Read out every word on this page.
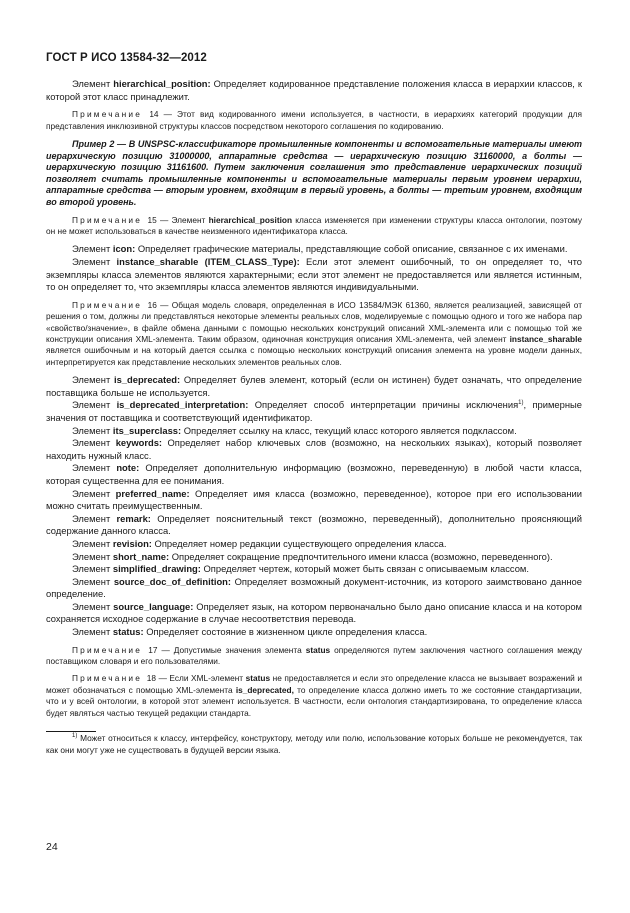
ГОСТ Р ИСО 13584-32—2012

Элемент hierarchical_position: Определяет кодированное представление положения класса в иерархии классов, к которой этот класс принадлежит.

Примечание 14 — Этот вид кодированного имени используется, в частности, в иерархиях категорий продукции для представления инклюзивной структуры классов посредством некоторого соглашения по кодированию.

Пример 2 — В UNSPSC-классификаторе промышленные компоненты и вспомогательные материалы имеют иерархическую позицию 31000000, аппаратные средства — иерархическую позицию 31160000, а болты — иерархическую позицию 31161600. Путем заключения соглашения это представление иерархических позиций позволяет считать промышленные компоненты и вспомогательные материалы первым уровнем иерархии, аппаратные средства — вторым уровнем, входящим в первый уровень, а болты — третьим уровнем, входящим во второй уровень.

Примечание 15 — Элемент hierarchical_position класса изменяется при изменении структуры класса онтологии, поэтому он не может использоваться в качестве неизменного идентификатора класса.

Элемент icon: Определяет графические материалы, представляющие собой описание, связанное с их именами.

Элемент instance_sharable (ITEM_CLASS_Type): Если этот элемент ошибочный, то он определяет то, что экземпляры класса элементов являются характерными; если этот элемент не предоставляется или является истинным, то он определяет то, что экземпляры класса элементов являются индивидуальными.

Примечание 16 — Общая модель словаря, определенная в ИСО 13584/МЭК 61360, является реализацией, зависящей от решения о том, должны ли представляться некоторые элементы реальных слов, моделируемые с помощью одного и того же набора пар «свойство/значение», в файле обмена данными с помощью нескольких конструкций описаний XML-элемента или с помощью той же конструкции описания XML-элемента. Таким образом, одиночная конструкция описания XML-элемента, чей элемент instance_sharable является ошибочным и на который дается ссылка с помощью нескольких конструкций описания элемента на уровне модели данных, интерпретируется как представление нескольких элементов реальных слов.

Элемент is_deprecated: Определяет булев элемент, который (если он истинен) будет означать, что определение поставщика больше не используется.

Элемент is_deprecated_interpretation: Определяет способ интерпретации причины исключения$^{1)}$, примерные значения от поставщика и соответствующий идентификатор.

Элемент its_superclass: Определяет ссылку на класс, текущий класс которого является подклассом.

Элемент keywords: Определяет набор ключевых слов (возможно, на нескольких языках), который позволяет находить нужный класс.

Элемент note: Определяет дополнительную информацию (возможно, переведенную) в любой части класса, которая существенна для ее понимания.

Элемент preferred_name: Определяет имя класса (возможно, переведенное), которое при его использовании можно считать преимущественным.

Элемент remark: Определяет пояснительный текст (возможно, переведенный), дополнительно проясняющий содержание данного класса.

Элемент revision: Определяет номер редакции существующего определения класса.

Элемент short_name: Определяет сокращение предпочтительного имени класса (возможно, переведенного).

Элемент simplified_drawing: Определяет чертеж, который может быть связан с описываемым классом.

Элемент source_doc_of_definition: Определяет возможный документ-источник, из которого заимствовано данное определение.

Элемент source_language: Определяет язык, на котором первоначально было дано описание класса и на котором сохраняется исходное содержание в случае несоответствия перевода.

Элемент status: Определяет состояние в жизненном цикле определения класса.

Примечание 17 — Допустимые значения элемента status определяются путем заключения частного соглашения между поставщиком словаря и его пользователями.

Примечание 18 — Если XML-элемент status не предоставляется и если это определение класса не вызывает возражений и может обозначаться с помощью XML-элемента is_deprecated, то определение класса должно иметь то же состояние стандартизации, что и у всей онтологии, в которой этот элемент используется. В частности, если онтология стандартизирована, то определение класса будет являться частью текущей редакции стандарта.

$^{1)}$ Может относиться к классу, интерфейсу, конструктору, методу или полю, использование которых больше не рекомендуется, так как они могут уже не существовать в будущей версии языка.

24
